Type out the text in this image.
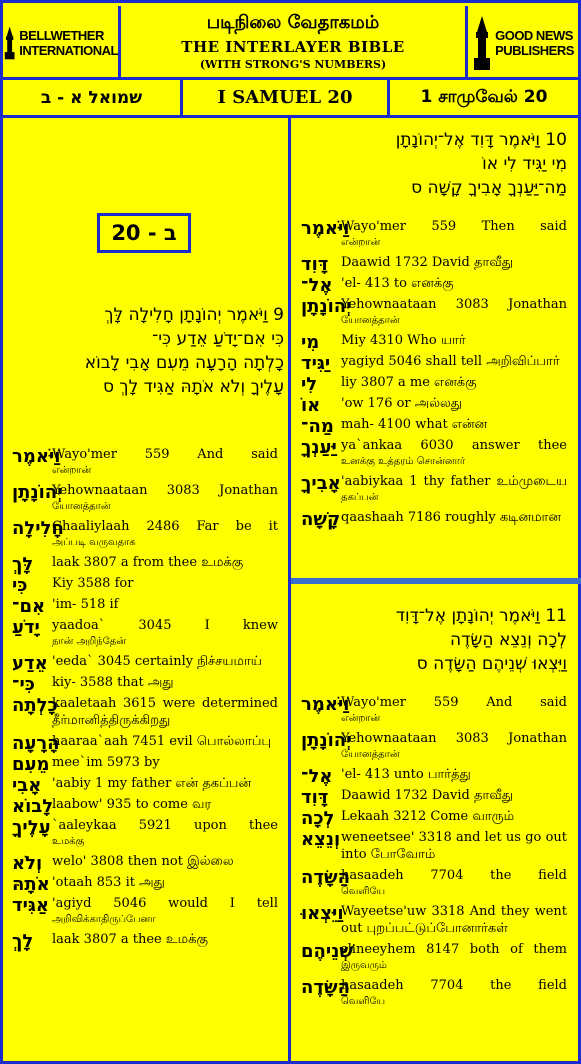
BELLWETHER
INTERNATIONAL
படிநிலை வேதாகமம்
THE INTERLAYER BIBLE
(WITH STRONG'S NUMBERS)
GOOD NEWS
PUBLISHERS
שמואל א - ב	I SAMUEL 20	1 சாமுவேல் 20
20 - ב
9 וַיֹּאמֶר יְהוֹנָתָן חָלִילָה לָּךְ
כִּי אִם־יָדֹעַ אֵדַע כִּי־
כָלְתָה הָרָעָה מֵעִם אָבִי לָבוֹא
עָלֶיךָ וְלֹא אֹתָהּ אַגִּיד לָךְ ס
וַיֹּאמֶר
Wayo'mer 559 And said
என்றான்
יְהוֹנָתָן
Yehownaataan 3083 Jonathan
யோனத்தான்
חָלִילָה
Chaaliylaah 2486 Far be it
அப்படி வருவதாக
לָּךְ laak 3807 a from thee உமக்கு
כִּי Kiy 3588 for
אִם־ 'im- 518 if
יָדֹעַ yaadoa` 3045 I knew
நான் அறிந்தேன்
אֵדַע 'eeda` 3045 certainly நிச்சயமாய்
כִּי־ kiy- 3588 that அது
כָלְתָה
kaaletaah 3615 were determined தீர்மானித்திருக்கிறது
הָרָעָה
haaraa`aah 7451 evil பொல்லாப்பு
מֵעִם mee`im 5973 by
אָבִי 'aabiy 1 my father என் தகப்பன்
לָבוֹא
laabow' 935 to come வர
עָלֶיךָ `aaleykaa 5921 upon thee
உமக்கு
וְלֹא welo' 3808 then not இல்லை
אֹתָהּ 'otaah 853 it அது
אַגִּיד 'agiyd 5046 would I tell
அறிவிக்காதிருப்பேனா
לָךְ laak 3807 a thee உமக்கு
10 וַיֹּאמֶר דָּוִד אֶל־יְהוֹנָתָן
מִי יַגִּיד לִי אוֹ
מַה־יַּעַנְךָ אָבִיךָ קָשָׁה ס
וַיֹּאמֶר
Wayo'mer 559 Then said
என்றான்
דָּוִד Daawid 1732 David தாவீது
אֶל־ 'el- 413 to எனக்கு
יְהוֹנָתָן
Yehownaataan 3083 Jonathan
யோனத்தான்
מִי Miy 4310 Who யார்
יַגִּיד yagiyd 5046 shall tell அறிவிப்பார்
לִי liy 3807 a me எனக்கு
אוֹ 'ow 176 or அல்லது
מַה־ mah- 4100 what என்ன
יַּעַנְךָ ya`ankaa 6030 answer thee
உனக்கு உத்தரம் சொன்னார்
אָבִיךָ 'aabiykaa 1 thy father உம்முடைய
தகப்பன்
קָשָׁה qaashaah 7186 roughly கடினமான
11 וַיֹּאמֶר יְהוֹנָתָן אֶל־דָּוִד
לְכָה וְנֵצֵא הַשָּׂדֶה
וַיֵּצְאוּ שְׁנֵיהֶם הַשָּׂדֶה ס
וַיֹּאמֶר
Wayo'mer 559 And said
என்றான்
יְהוֹנָתָן
Yehownaataan 3083 Jonathan
யோனத்தான்
אֶל־ 'el- 413 unto பார்த்து
דָּוִד Daawid 1732 David தாவீது
לְכָה Lekaah 3212 Come வாரும்
וְנֵצֵא weneetsee' 3318 and let us go out into போவோம்
הַשָּׂדֶה
hasaadeh 7704 the field
வெளியே
וַיֵּצְאוּ
Wayeetse'uw 3318 And they went out புறப்பட்டுப்போனார்கள்
שְׁנֵיהֶם
shneeyhem 8147 both of them
இருவரும்
הַשָּׂדֶה
hasaadeh 7704 the field
வெளியே
